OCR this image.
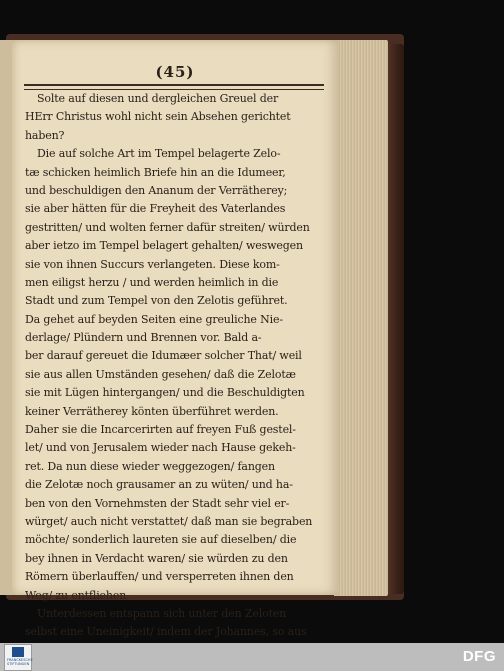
(45)
Solte auf diesen und dergleichen Greuel der
HErr Christus wohl nicht sein Absehen gerichtet
haben?
Die auf solche Art im Tempel belagerte Zelo-
tæ schicken heimlich Briefe hin an die Idumeer,
und beschuldigen den Ananum der Verrätherey;
sie aber hätten für die Freyheit des Vaterlandes
gestritten/ und wolten ferner dafür streiten/ würden
aber ietzo im Tempel belagert gehalten/ weswegen
sie von ihnen Succurs verlangeten. Diese kom-
men eiligst herzu / und werden heimlich in die
Stadt und zum Tempel von den Zelotis geführet.
Da gehet auf beyden Seiten eine greuliche Nie-
derlage/ Plündern und Brennen vor. Bald a-
ber darauf gereuet die Idumæer solcher That/ weil
sie aus allen Umständen gesehen/ daß die Zelotæ
sie mit Lügen hintergangen/ und die Beschuldigten
keiner Verrätherey könten überführet werden.
Daher sie die Incarcerirten auf freyen Fuß gestel-
let/ und von Jerusalem wieder nach Hause gekeh-
ret. Da nun diese wieder weggezogen/ fangen
die Zelotæ noch grausamer an zu wüten/ und ha-
ben von den Vornehmsten der Stadt sehr viel er-
würget/ auch nicht verstattet/ daß man sie begraben
möchte/ sonderlich laureten sie auf dieselben/ die
bey ihnen in Verdacht waren/ sie würden zu den
Römern überlauffen/ und versperreten ihnen den
Weg/ zu entfliehen.
Unterdessen entspann sich unter den Zeloten
selbst eine Uneinigkeit/ indem der Johannes, so aus
FRANCKESCHE STIFTUNGEN	DFG
